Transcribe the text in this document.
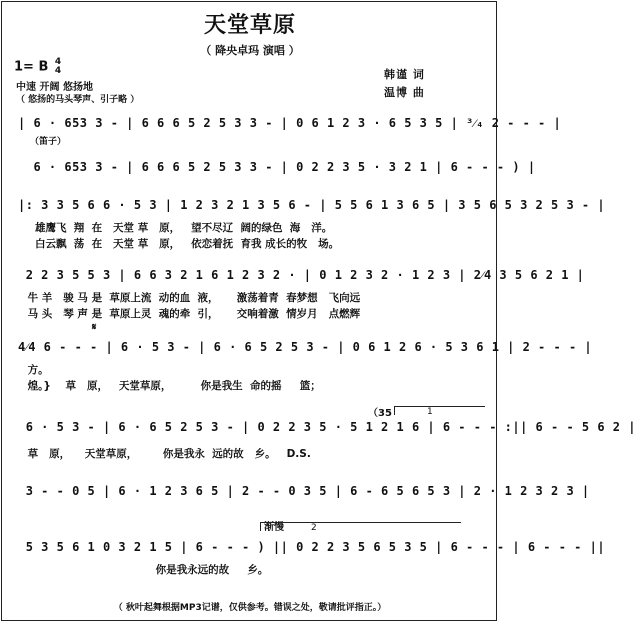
天堂草原
（ 降央卓玛 演唱 ）
1= B 4
4
中速 开阔 悠扬地
（ 悠扬的马头琴声、引子略 ）
韩谨 词
温博 曲
| 6 · 653 3 - | 6 6 6 5 2 5 3 3 - | 0 6 1 2 3 · 6 5 3 5 | ³⁄₄ 2 - - - |
（笛子）
6 · 653 3 - | 6 6 6 5 2 5 3 3 - | 0 2 2 3 5 · 3 2 1 | 6 - - - ) |
|: 3 3 5 6 6 · 5 3 | 1 2 3 2 1 3 5 6 - | 5 5 6 1 3 6 5 | 3 5 6 5 3 2 5 3 - |
雄鹰飞  翔  在   天堂 草   原，   望不尽辽  阔的绿色  海   洋。
白云飘  荡  在   天堂 草   原，   依恋着抚  育我 成长的牧   场。
2 2 3 5 5 3 | 6 6 3 2 1 6 1 2 3 2 · | 0 1 2 3 2 · 1 2 3 | 2⁄4 3 5 6 2 1 |
牛 羊   骏 马 是  草原上流  动的血  液，     激荡着青  春梦想   飞向远
马 头   琴 声 是  草原上灵  魂的牵  引，     交响着激  情岁月   点燃辉
𝄋
4⁄4 6 - - - | 6 · 5 3 - | 6 · 6 5 2 5 3 - | 0 6 1 2 6 · 5 3 6 1 | 2 - - - |
方。
煌。}    草   原，   天堂草原，        你是我生  命的摇     篮；
（35	1
6 · 5 3 - | 6 · 6 5 2 5 3 - | 0 2 2 3 5 · 5 1 2 1 6 | 6 - - - :|| 6 - - 5 6 2 |
草   原，    天堂草原，       你是我永  远的故   乡。   D.S.
3 - - 0 5 | 6 · 1 2 3 6 5 | 2 - - 0 3 5 | 6 - 6 5 6 5 3 | 2 · 1 2 3 2 3 |
渐慢	2
5 3 5 6 1 0 3 2 1 5 | 6 - - - ) || 0 2 2 3 5 6 5 3 5 | 6 - - - | 6 - - - ||
你是我永远的故     乡。
（ 秋叶起舞根据MP3记谱，仅供参考。错误之处，敬请批评指正。）
